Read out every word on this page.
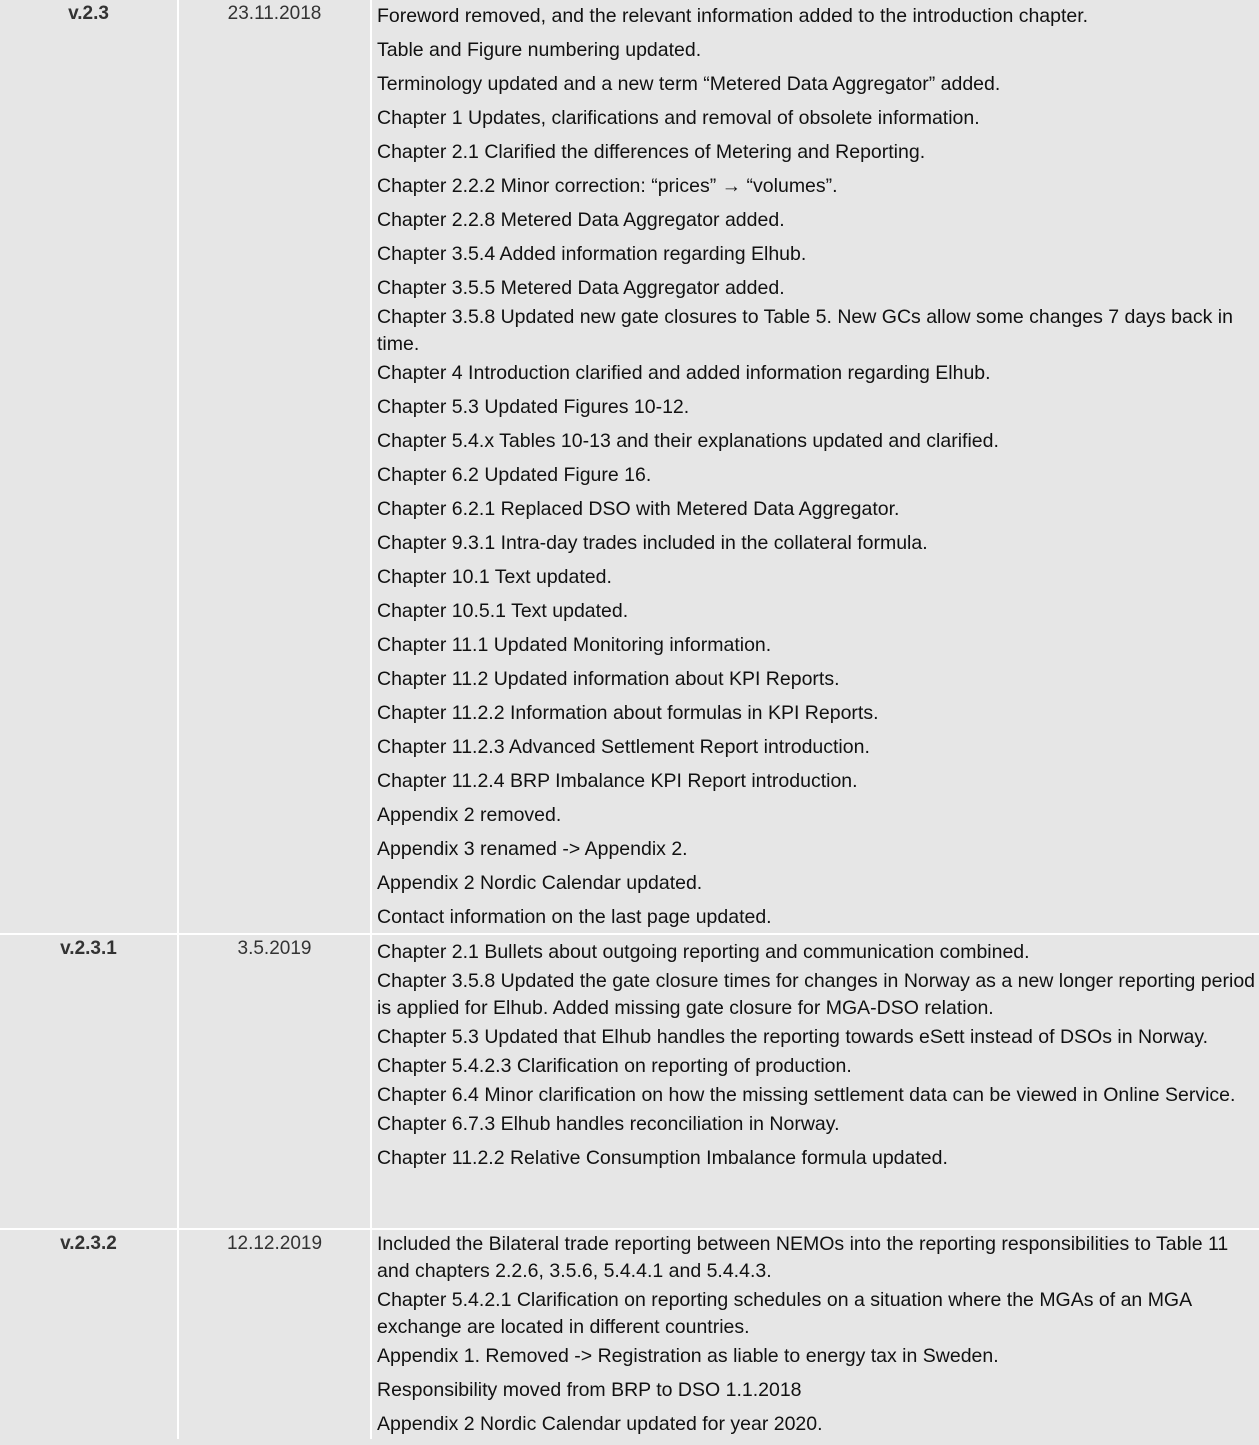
v.2.3	23.11.2018	Foreword removed, and the relevant information added to the introduction chapter.
Table and Figure numbering updated.
Terminology updated and a new term “Metered Data Aggregator” added.
Chapter 1 Updates, clarifications and removal of obsolete information.
Chapter 2.1 Clarified the differences of Metering and Reporting.
Chapter 2.2.2 Minor correction: “prices” → “volumes”.
Chapter 2.2.8 Metered Data Aggregator added.
Chapter 3.5.4 Added information regarding Elhub.
Chapter 3.5.5 Metered Data Aggregator added.
Chapter 3.5.8 Updated new gate closures to Table 5. New GCs allow some changes 7 days back in time.
Chapter 4 Introduction clarified and added information regarding Elhub.
Chapter 5.3 Updated Figures 10-12.
Chapter 5.4.x Tables 10-13 and their explanations updated and clarified.
Chapter 6.2 Updated Figure 16.
Chapter 6.2.1 Replaced DSO with Metered Data Aggregator.
Chapter 9.3.1 Intra-day trades included in the collateral formula.
Chapter 10.1 Text updated.
Chapter 10.5.1 Text updated.
Chapter 11.1 Updated Monitoring information.
Chapter 11.2 Updated information about KPI Reports.
Chapter 11.2.2 Information about formulas in KPI Reports.
Chapter 11.2.3 Advanced Settlement Report introduction.
Chapter 11.2.4 BRP Imbalance KPI Report introduction.
Appendix 2 removed.
Appendix 3 renamed -> Appendix 2.
Appendix 2 Nordic Calendar updated.
Contact information on the last page updated.
v.2.3.1	3.5.2019	Chapter 2.1 Bullets about outgoing reporting and communication combined.
Chapter 3.5.8 Updated the gate closure times for changes in Norway as a new longer reporting period is applied for Elhub. Added missing gate closure for MGA-DSO relation.
Chapter 5.3 Updated that Elhub handles the reporting towards eSett instead of DSOs in Norway.
Chapter 5.4.2.3 Clarification on reporting of production.
Chapter 6.4 Minor clarification on how the missing settlement data can be viewed in Online Service.
Chapter 6.7.3 Elhub handles reconciliation in Norway.
Chapter 11.2.2 Relative Consumption Imbalance formula updated.
v.2.3.2	12.12.2019	Included the Bilateral trade reporting between NEMOs into the reporting responsibilities to Table 11 and chapters 2.2.6, 3.5.6, 5.4.4.1 and 5.4.4.3.
Chapter 5.4.2.1 Clarification on reporting schedules on a situation where the MGAs of an MGA exchange are located in different countries.
Appendix 1. Removed -> Registration as liable to energy tax in Sweden.
Responsibility moved from BRP to DSO 1.1.2018
Appendix 2 Nordic Calendar updated for year 2020.
